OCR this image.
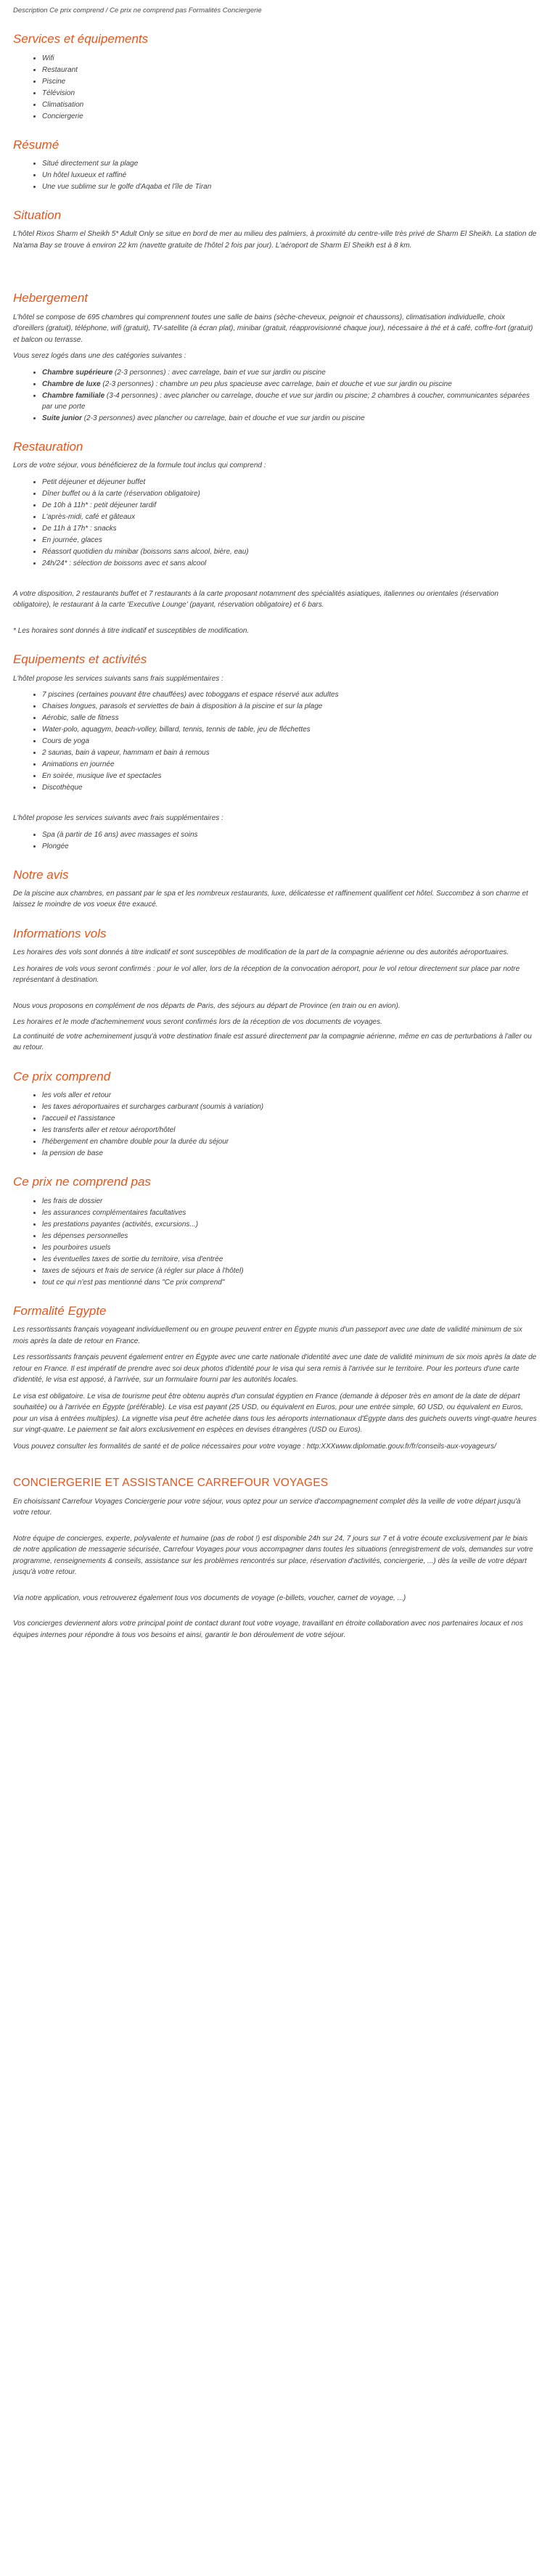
Description Ce prix comprend / Ce prix ne comprend pas Formalités Conciergerie
Services et équipements
• Wifi
• Restaurant
• Piscine
• Télévision
• Climatisation
• Conciergerie
Résumé
• Situé directement sur la plage
• Un hôtel luxueux et raffiné
• Une vue sublime sur le golfe d'Aqaba et l'île de Tiran
Situation

L'hôtel Rixos Sharm el Sheikh 5* Adult Only se situe en bord de mer au milieu des palmiers, à proximité du centre-ville très privé de Sharm El Sheikh. La station de Na'ama Bay se trouve à environ 22 km (navette gratuite de l'hôtel 2 fois par jour). L'aéroport de Sharm El Sheikh est à 8 km.

Hebergement

L'hôtel se compose de 695 chambres qui comprennent toutes une salle de bains (sèche-cheveux, peignoir et chaussons), climatisation individuelle, choix d'oreillers (gratuit), téléphone, wifi (gratuit), TV-satellite (à écran plat), minibar (gratuit, réapprovisionné chaque jour), nécessaire à thé et à café, coffre-fort (gratuit) et balcon ou terrasse.

Vous serez logés dans une des catégories suivantes :

• Chambre supérieure (2-3 personnes) : avec carrelage, bain et vue sur jardin ou piscine
• Chambre de luxe (2-3 personnes) : chambre un peu plus spacieuse avec carrelage, bain et douche et vue sur jardin ou piscine
• Chambre familiale (3-4 personnes) : avec plancher ou carrelage, douche et vue sur jardin ou piscine; 2 chambres à coucher, communicantes séparées par une porte
• Suite junior (2-3 personnes) avec plancher ou carrelage, bain et douche et vue sur jardin ou piscine
Restauration

Lors de votre séjour, vous bénéficierez de la formule tout inclus qui comprend :

• Petit déjeuner et déjeuner buffet
• Dîner buffet ou à la carte (réservation obligatoire)
• De 10h à 11h* : petit déjeuner tardif
• L'après-midi, café et gâteaux
• De 11h à 17h* : snacks
• En journée, glaces
• Réassort quotidien du minibar (boissons sans alcool, bière, eau)
• 24h/24* : sélection de boissons avec et sans alcool

A votre disposition, 2 restaurants buffet et 7 restaurants à la carte proposant notamment des spécialités asiatiques, italiennes ou orientales (réservation obligatoire), le restaurant à la carte 'Executive Lounge' (payant, réservation obligatoire) et 6 bars.

* Les horaires sont donnés à titre indicatif et susceptibles de modification.

Equipements et activités

L'hôtel propose les services suivants sans frais supplémentaires :

• 7 piscines (certaines pouvant être chauffées) avec toboggans et espace réservé aux adultes
• Chaises longues, parasols et serviettes de bain à disposition à la piscine et sur la plage
• Aérobic, salle de fitness
• Water-polo, aquagym, beach-volley, billard, tennis, tennis de table, jeu de fléchettes
• Cours de yoga
• 2 saunas, bain à vapeur, hammam et bain à remous
• Animations en journée
• En soirée, musique live et spectacles
• Discothèque

L'hôtel propose les services suivants avec frais supplémentaires :

• Spa (à partir de 16 ans) avec massages et soins
• Plongée
Notre avis

De la piscine aux chambres, en passant par le spa et les nombreux restaurants, luxe, délicatesse et raffinement qualifient cet hôtel. Succombez à son charme et laissez le moindre de vos voeux être exaucé.

Informations vols

Les horaires des vols sont donnés à titre indicatif et sont susceptibles de modification de la part de la compagnie aérienne ou des autorités aéroportuaires.

Les horaires de vols vous seront confirmés : pour le vol aller, lors de la réception de la convocation aéroport, pour le vol retour directement sur place par notre représentant à destination.

Nous vous proposons en complément de nos départs de Paris, des séjours au départ de Province (en train ou en avion).

Les horaires et le mode d'acheminement vous seront confirmés lors de la réception de vos documents de voyages.

La continuité de votre acheminement jusqu'à votre destination finale est assuré directement par la compagnie aérienne, même en cas de perturbations à l'aller ou au retour.

Ce prix comprend
• les vols aller et retour
• les taxes aéroportuaires et surcharges carburant (soumis à variation)
• l'accueil et l'assistance
• les transferts aller et retour aéroport/hôtel
• l'hébergement en chambre double pour la durée du séjour
• la pension de base
Ce prix ne comprend pas
• les frais de dossier
• les assurances complémentaires facultatives
• les prestations payantes (activités, excursions...)
• les dépenses personnelles
• les pourboires usuels
• les éventuelles taxes de sortie du territoire, visa d'entrée
• taxes de séjours et frais de service (à régler sur place à l'hôtel)
• tout ce qui n'est pas mentionné dans "Ce prix comprend"
Formalité Egypte

Les ressortissants français voyageant individuellement ou en groupe peuvent entrer en Égypte munis d'un passeport avec une date de validité minimum de six mois après la date de retour en France.

Les ressortissants français peuvent également entrer en Égypte avec une carte nationale d'identité avec une date de validité minimum de six mois après la date de retour en France. Il est impératif de prendre avec soi deux photos d'identité pour le visa qui sera remis à l'arrivée sur le territoire. Pour les porteurs d'une carte d'identité, le visa est apposé, à l'arrivée, sur un formulaire fourni par les autorités locales.

Le visa est obligatoire. Le visa de tourisme peut être obtenu auprès d'un consulat égyptien en France (demande à déposer très en amont de la date de départ souhaitée) ou à l'arrivée en Égypte (préférable). Le visa est payant (25 USD, ou équivalent en Euros, pour une entrée simple, 60 USD, ou équivalent en Euros, pour un visa à entrées multiples). La vignette visa peut être achetée dans tous les aéroports internationaux d'Égypte dans des guichets ouverts vingt-quatre heures sur vingt-quatre. Le paiement se fait alors exclusivement en espèces en devises étrangères (USD ou Euros).

Vous pouvez consulter les formalités de santé et de police nécessaires pour votre voyage : http:XXXwww.diplomatie.gouv.fr/fr/conseils-aux-voyageurs/

CONCIERGERIE ET ASSISTANCE CARREFOUR VOYAGES

En choisissant Carrefour Voyages Conciergerie pour votre séjour, vous optez pour un service d'accompagnement complet dès la veille de votre départ jusqu'à votre retour.

Notre équipe de concierges, experte, polyvalente et humaine (pas de robot !) est disponible 24h sur 24, 7 jours sur 7 et à votre écoute exclusivement par le biais de notre application de messagerie sécurisée, Carrefour Voyages pour vous accompagner dans toutes les situations (enregistrement de vols, demandes sur votre programme, renseignements & conseils, assistance sur les problèmes rencontrés sur place, réservation d'activités, conciergerie, ...) dès la veille de votre départ jusqu'à votre retour.

Via notre application, vous retrouverez également tous vos documents de voyage (e-billets, voucher, carnet de voyage, ...)

Vos concierges deviennent alors votre principal point de contact durant tout votre voyage, travaillant en étroite collaboration avec nos partenaires locaux et nos équipes internes pour répondre à tous vos besoins et ainsi, garantir le bon déroulement de votre séjour.
